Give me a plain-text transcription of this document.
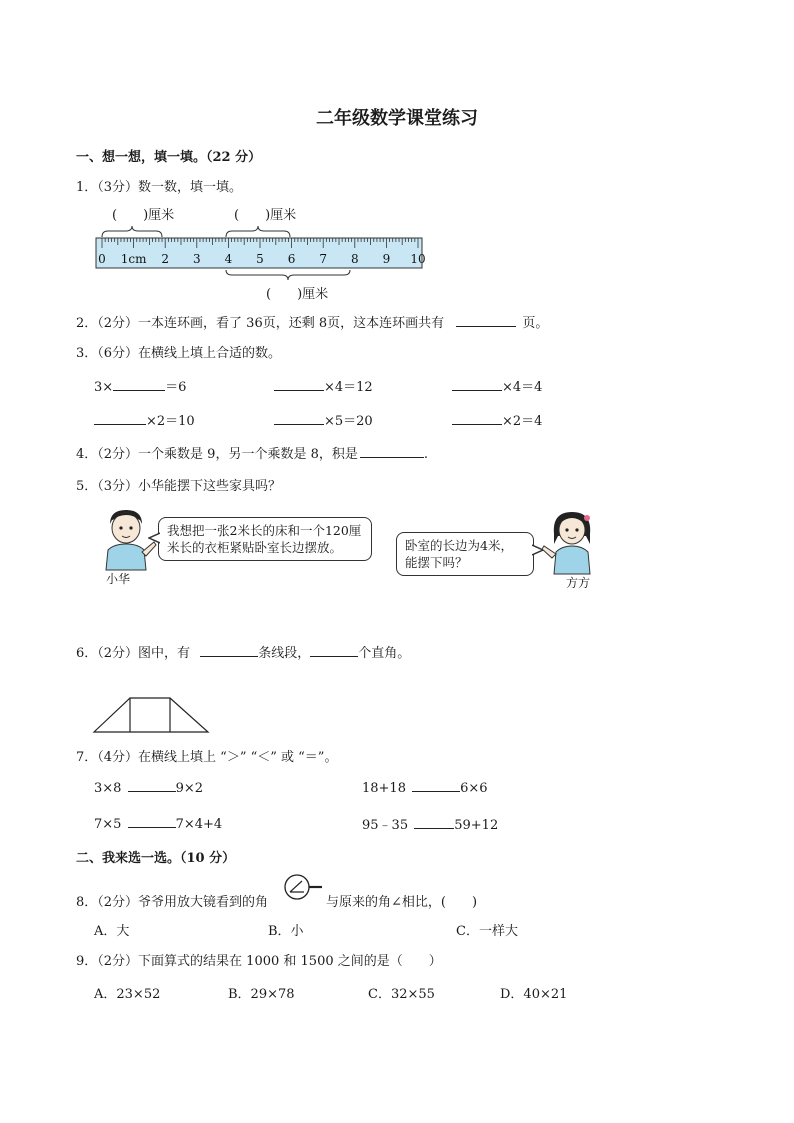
二年级数学课堂练习
一、想一想，填一填。（22 分）
1．（3分）数一数，填一填。
(　　)厘米	(　　)厘米
(　　)厘米
0 1cm 2 3 4 5 6 7 8 9 10
2．（2分）一本连环画，看了 36页，还剩 8页，这本连环画共有	页。
3．（6分）在横线上填上合适的数。
3×	＝6	×4＝12	×4＝4
×2＝10	×5＝20	×2＝4
4．（2分）一个乘数是 9，另一个乘数是 8，积是	.
5．（3分）小华能摆下这些家具吗？
小华
我想把一张2米长的床和一个120厘米长的衣柜紧贴卧室长边摆放。	卧室的长边为4米，能摆下吗？
方方
6．（2分）图中，有	条线段，	个直角。
7．（4分）在横线上填上 “＞” “＜” 或 “＝”。
3×8	9×2	18+18	6×6
7×5	7×4+4	95﹣35	59+12
二、我来选一选。（10 分）
8．（2分）爷爷用放大镜看到的角	与原来的角∠相比，(　　)
A．大	B．小	C．一样大
9．（2分）下面算式的结果在 1000 和 1500 之间的是（　　）
A．23×52	B．29×78	C．32×55	D．40×21
